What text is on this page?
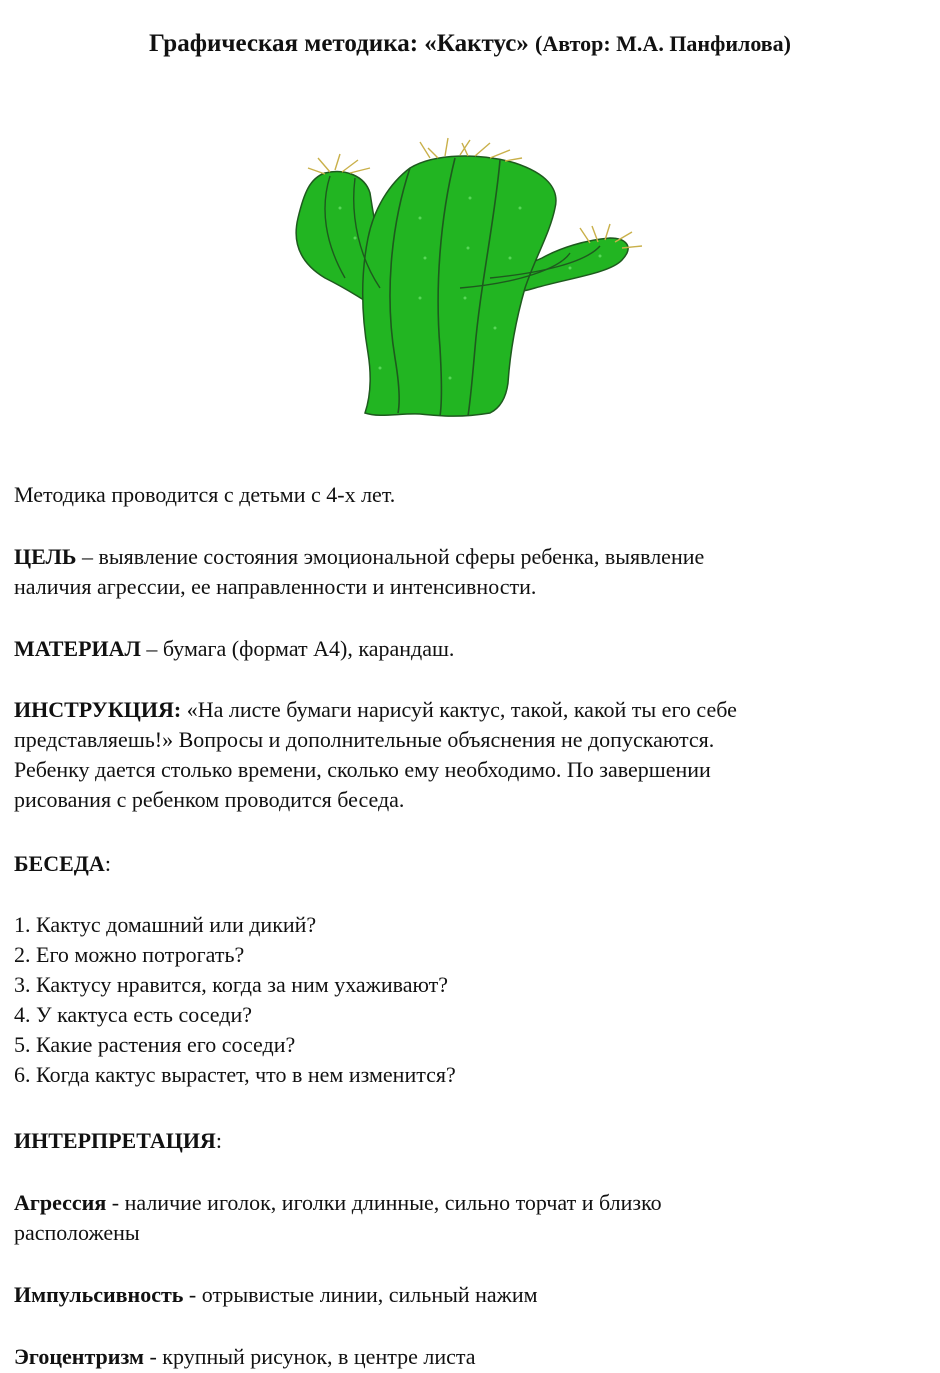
Графическая методика: «Кактус» (Автор: М.А. Панфилова)
Методика проводится с детьми с 4-х лет.
ЦЕЛЬ – выявление состояния эмоциональной сферы ребенка, выявление
наличия агрессии, ее направленности и интенсивности.
МАТЕРИАЛ – бумага (формат А4), карандаш.
ИНСТРУКЦИЯ: «На листе бумаги нарисуй кактус, такой, какой ты его себе
представляешь!» Вопросы и дополнительные объяснения не допускаются.
Ребенку дается столько времени, сколько ему необходимо. По завершении
рисования с ребенком проводится беседа.
БЕСЕДА:
1. Кактус домашний или дикий?
2. Его можно потрогать?
3. Кактусу нравится, когда за ним ухаживают?
4. У кактуса есть соседи?
5. Какие растения его соседи?
6. Когда кактус вырастет, что в нем изменится?
ИНТЕРПРЕТАЦИЯ:
Агрессия - наличие иголок, иголки длинные, сильно торчат и близко
расположены
Импульсивность - отрывистые линии, сильный нажим
Эгоцентризм - крупный рисунок, в центре листа
